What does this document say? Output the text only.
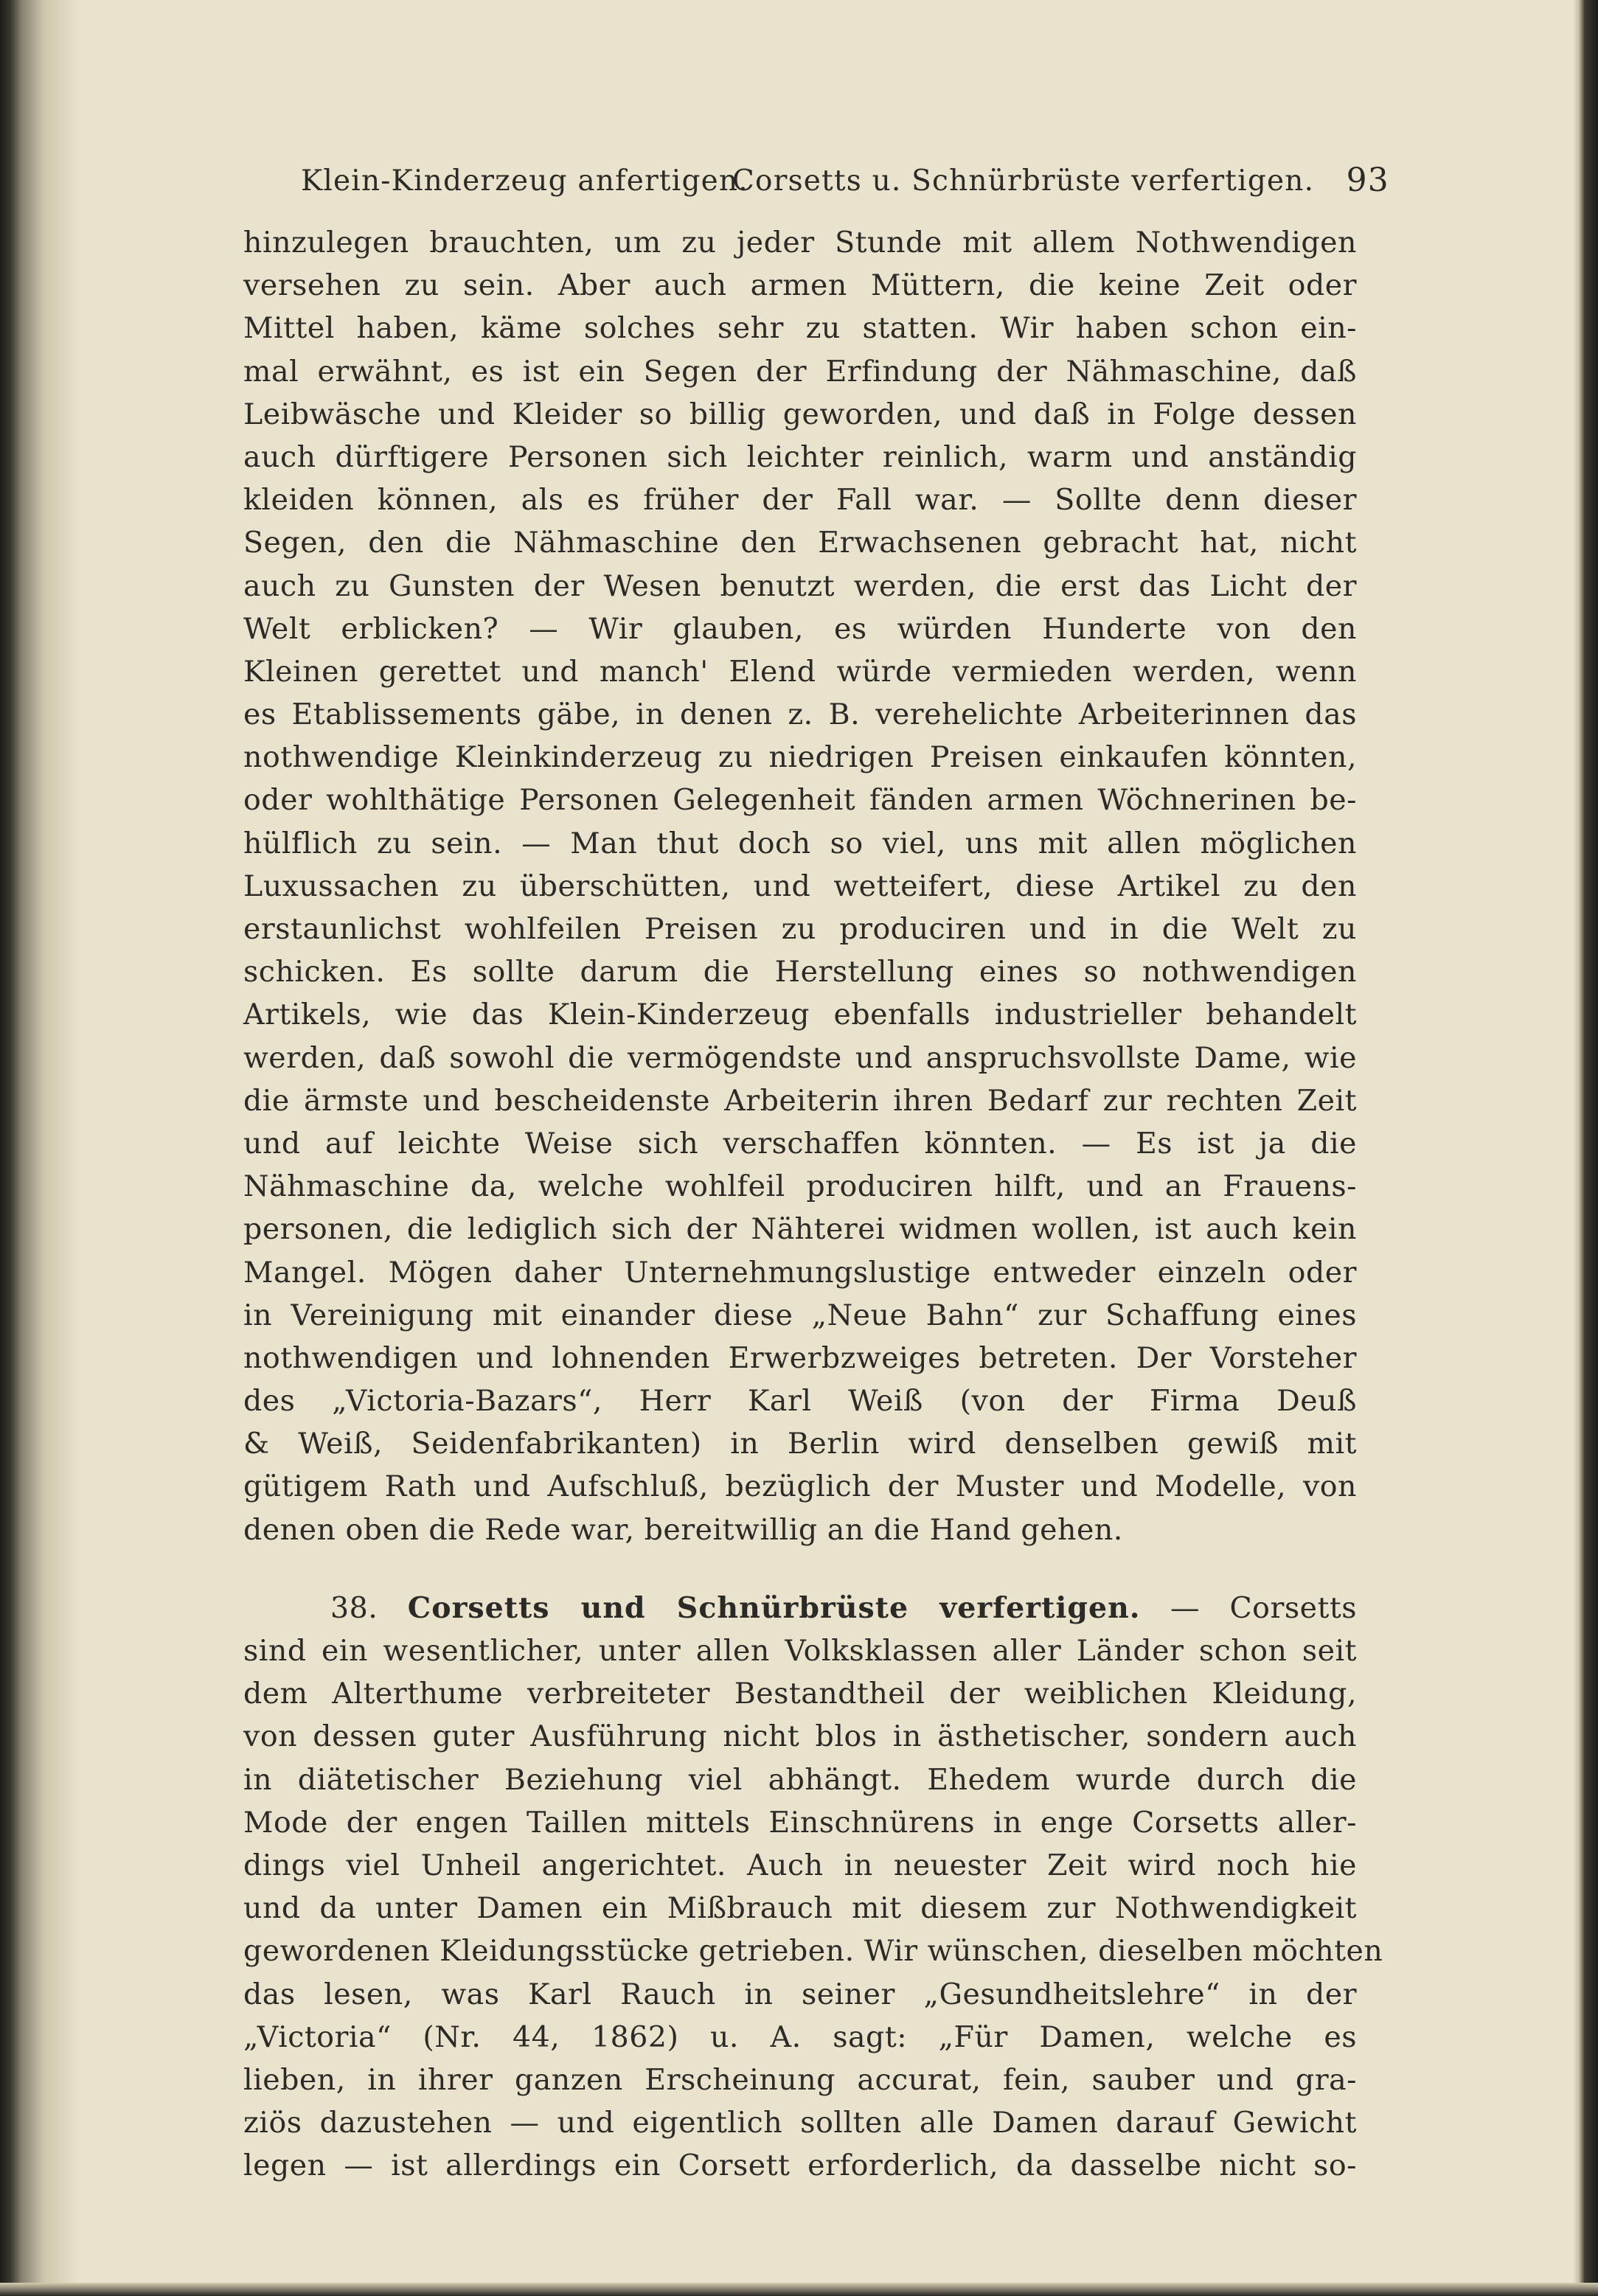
Klein-Kinderzeug anfertigen.
Corsetts u. Schnürbrüste verfertigen. 93
hinzulegen brauchten, um zu jeder Stunde mit allem Nothwendigen
versehen zu sein. Aber auch armen Müttern, die keine Zeit oder
Mittel haben, käme solches sehr zu statten. Wir haben schon ein-
mal erwähnt, es ist ein Segen der Erfindung der Nähmaschine, daß
Leibwäsche und Kleider so billig geworden, und daß in Folge dessen
auch dürftigere Personen sich leichter reinlich, warm und anständig
kleiden können, als es früher der Fall war. — Sollte denn dieser
Segen, den die Nähmaschine den Erwachsenen gebracht hat, nicht
auch zu Gunsten der Wesen benutzt werden, die erst das Licht der
Welt erblicken? — Wir glauben, es würden Hunderte von den
Kleinen gerettet und manch' Elend würde vermieden werden, wenn
es Etablissements gäbe, in denen z. B. verehelichte Arbeiterinnen das
nothwendige Kleinkinderzeug zu niedrigen Preisen einkaufen könnten,
oder wohlthätige Personen Gelegenheit fänden armen Wöchnerinen be-
hülflich zu sein. — Man thut doch so viel, uns mit allen möglichen
Luxussachen zu überschütten, und wetteifert, diese Artikel zu den
erstaunlichst wohlfeilen Preisen zu produciren und in die Welt zu
schicken. Es sollte darum die Herstellung eines so nothwendigen
Artikels, wie das Klein-Kinderzeug ebenfalls industrieller behandelt
werden, daß sowohl die vermögendste und anspruchsvollste Dame, wie
die ärmste und bescheidenste Arbeiterin ihren Bedarf zur rechten Zeit
und auf leichte Weise sich verschaffen könnten. — Es ist ja die
Nähmaschine da, welche wohlfeil produciren hilft, und an Frauens-
personen, die lediglich sich der Nähterei widmen wollen, ist auch kein
Mangel. Mögen daher Unternehmungslustige entweder einzeln oder
in Vereinigung mit einander diese „Neue Bahn“ zur Schaffung eines
nothwendigen und lohnenden Erwerbzweiges betreten. Der Vorsteher
des „Victoria-Bazars“, Herr Karl Weiß (von der Firma Deuß
& Weiß, Seidenfabrikanten) in Berlin wird denselben gewiß mit
gütigem Rath und Aufschluß, bezüglich der Muster und Modelle, von
denen oben die Rede war, bereitwillig an die Hand gehen.
38. Corsetts und Schnürbrüste verfertigen. — Corsetts
sind ein wesentlicher, unter allen Volksklassen aller Länder schon seit
dem Alterthume verbreiteter Bestandtheil der weiblichen Kleidung,
von dessen guter Ausführung nicht blos in ästhetischer, sondern auch
in diätetischer Beziehung viel abhängt. Ehedem wurde durch die
Mode der engen Taillen mittels Einschnürens in enge Corsetts aller-
dings viel Unheil angerichtet. Auch in neuester Zeit wird noch hie
und da unter Damen ein Mißbrauch mit diesem zur Nothwendigkeit
gewordenen Kleidungsstücke getrieben. Wir wünschen, dieselben möchten
das lesen, was Karl Rauch in seiner „Gesundheitslehre“ in der
„Victoria“ (Nr. 44, 1862) u. A. sagt: „Für Damen, welche es
lieben, in ihrer ganzen Erscheinung accurat, fein, sauber und gra-
ziös dazustehen — und eigentlich sollten alle Damen darauf Gewicht
legen — ist allerdings ein Corsett erforderlich, da dasselbe nicht so-
